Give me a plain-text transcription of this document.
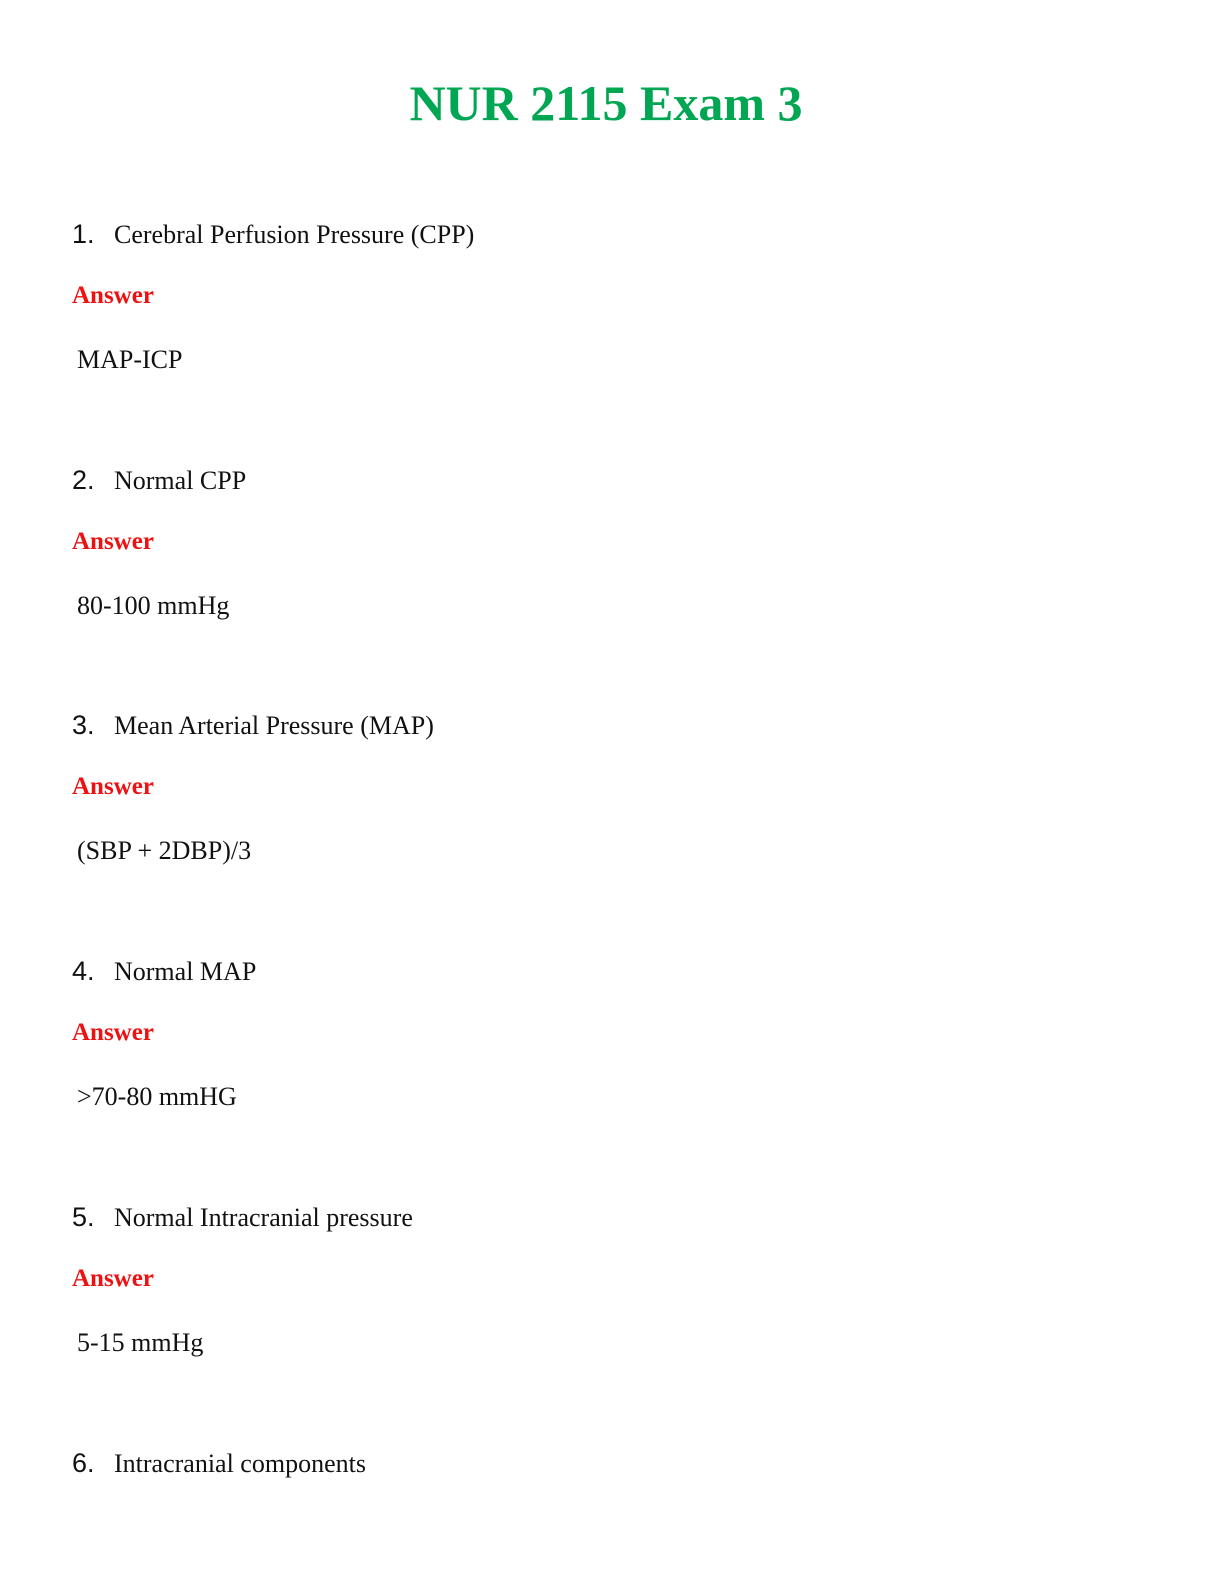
NUR 2115 Exam 3
1. Cerebral Perfusion Pressure (CPP)
Answer
MAP-ICP
2. Normal CPP
Answer
80-100 mmHg
3. Mean Arterial Pressure (MAP)
Answer
(SBP + 2DBP)/3
4. Normal MAP
Answer
>70-80 mmHG
5. Normal Intracranial pressure
Answer
5-15 mmHg
6. Intracranial components
